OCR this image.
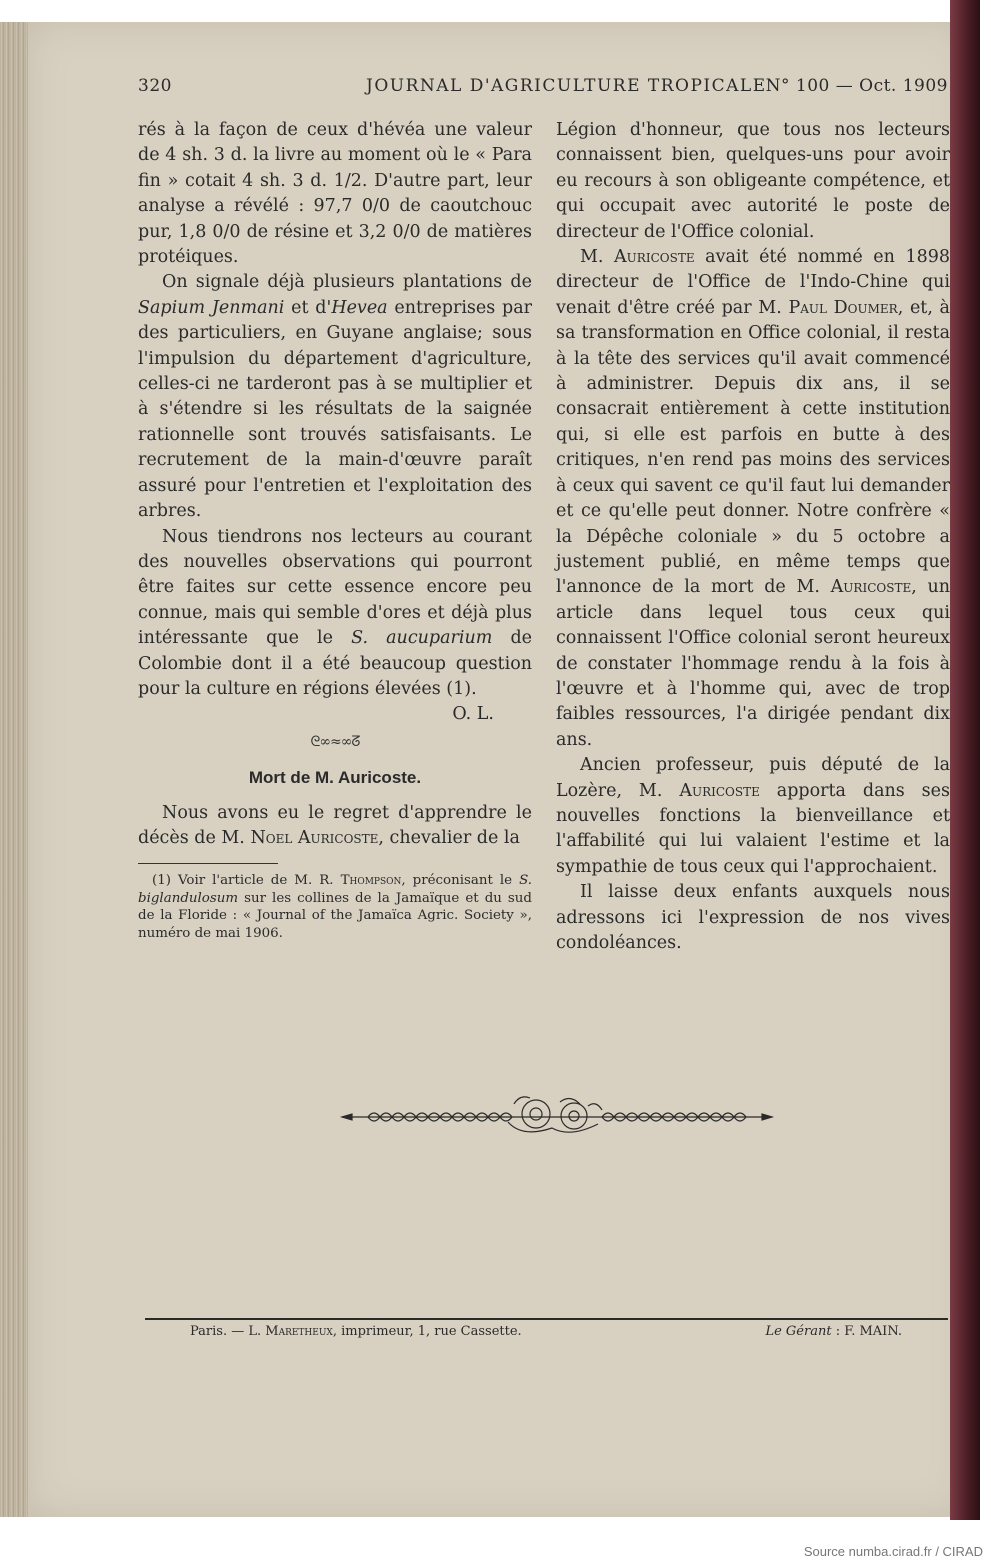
320	JOURNAL D'AGRICULTURE TROPICALE
N° 100 — Oct. 1909

rés à la façon de ceux d'hévéa une valeur de 4 sh. 3 d. la livre au moment où le « Para fin » cotait 4 sh. 3 d. 1/2. D'autre part, leur analyse a révélé : 97,7 0/0 de caoutchouc pur, 1,8 0/0 de résine et 3,2 0/0 de matières protéiques.

On signale déjà plusieurs plantations de Sapium Jenmani et d'Hevea entreprises par des particuliers, en Guyane anglaise; sous l'impulsion du département d'agriculture, celles-ci ne tarderont pas à se multiplier et à s'étendre si les résultats de la saignée rationnelle sont trouvés satisfaisants. Le recrutement de la main-d'œuvre paraît assuré pour l'entretien et l'exploitation des arbres.

Nous tiendrons nos lecteurs au courant des nouvelles observations qui pourront être faites sur cette essence encore peu connue, mais qui semble d'ores et déjà plus intéressante que le S. aucuparium de Colombie dont il a été beaucoup question pour la culture en régions élevées (1).

O. L.

ᘓ∞≈∞ᘔ
Mort de M. Auricoste.

Nous avons eu le regret d'apprendre le décès de M. Noel Auricoste, chevalier de la

(1) Voir l'article de M. R. Thompson, préconisant le S. biglandulosum sur les collines de la Jamaïque et du sud de la Floride : « Journal of the Jamaïca Agric. Society », numéro de mai 1906.

Légion d'honneur, que tous nos lecteurs connaissent bien, quelques-uns pour avoir eu recours à son obligeante compétence, et qui occupait avec autorité le poste de directeur de l'Office colonial.

M. Auricoste avait été nommé en 1898 directeur de l'Office de l'Indo-Chine qui venait d'être créé par M. Paul Doumer, et, à sa transformation en Office colonial, il resta à la tête des services qu'il avait commencé à administrer. Depuis dix ans, il se consacrait entièrement à cette institution qui, si elle est parfois en butte à des critiques, n'en rend pas moins des services à ceux qui savent ce qu'il faut lui demander et ce qu'elle peut donner. Notre confrère « la Dépêche coloniale » du 5 octobre a justement publié, en même temps que l'annonce de la mort de M. Auricoste, un article dans lequel tous ceux qui connaissent l'Office colonial seront heureux de constater l'hommage rendu à la fois à l'œuvre et à l'homme qui, avec de trop faibles ressources, l'a dirigée pendant dix ans.

Ancien professeur, puis député de la Lozère, M. Auricoste apporta dans ses nouvelles fonctions la bienveillance et l'affabilité qui lui valaient l'estime et la sympathie de tous ceux qui l'approchaient.

Il laisse deux enfants auxquels nous adressons ici l'expression de nos vives condoléances.

Paris. — L. Maretheux, imprimeur, 1, rue Cassette.	Le Gérant : F. MAIN.
Source numba.cirad.fr / CIRAD
